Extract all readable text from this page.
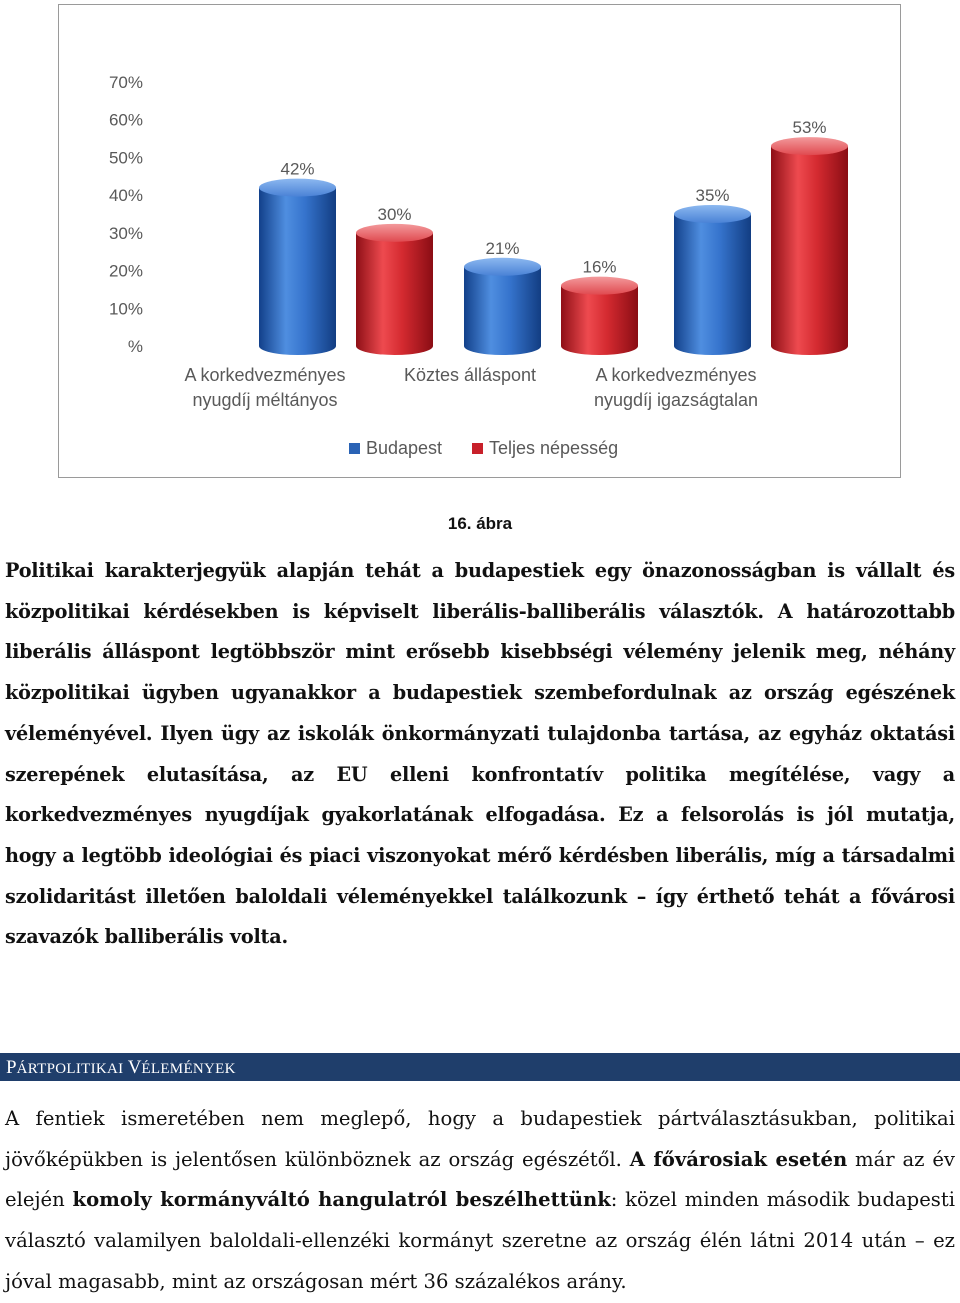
%
10%
20%
30%
40%
50%
60%
70%
42%
21%
35%
30%
16%
53%
A korkedvezményes
nyugdíj méltányos
Köztes álláspont	A korkedvezményes
nyugdíj igazságtalan
Budapest	Teljes népesség
16. ábra

Politikai karakterjegyük alapján tehát a budapestiek egy önazonosságban is vállalt és közpolitikai kérdésekben is képviselt liberális-balliberális választók. A határozottabb liberális álláspont legtöbbször mint erősebb kisebbségi vélemény jelenik meg, néhány közpolitikai ügyben ugyanakkor a budapestiek szembefordulnak az ország egészének véleményével. Ilyen ügy az iskolák önkormányzati tulajdonba tartása, az egyház oktatási szerepének elutasítása, az EU elleni konfrontatív politika megítélése, vagy a korkedvezményes nyugdíjak gyakorlatának elfogadása. Ez a felsorolás is jól mutatja, hogy a legtöbb ideológiai és piaci viszonyokat mérő kérdésben liberális, míg a társadalmi szolidaritást illetően baloldali véleményekkel találkozunk – így érthető tehát a fővárosi szavazók balliberális volta.

PÁRTPOLITIKAI VÉLEMÉNYEK

A fentiek ismeretében nem meglepő, hogy a budapestiek pártválasztásukban, politikai jövőképükben is jelentősen különböznek az ország egészétől. A fővárosiak esetén már az év elején komoly kormányváltó hangulatról beszélhettünk: közel minden második budapesti választó valamilyen baloldali-ellenzéki kormányt szeretne az ország élén látni 2014 után – ez jóval magasabb, mint az országosan mért 36 százalékos arány.
